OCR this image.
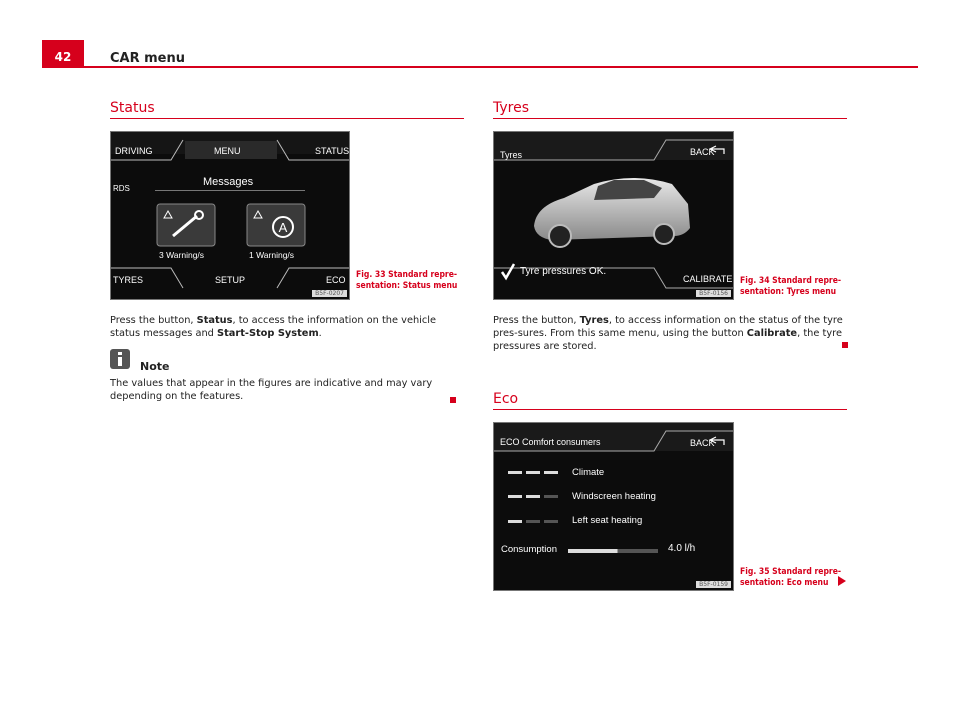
42	CAR menu
Status
A
DRIVING	MENU	STATUS
RDS
Messages
3 Warning/s	1 Warning/s
TYRES	SETUP	ECO
B5F-0207
Fig. 33 Standard repre-sentation: Status menu
Press the button, Status, to access the information on the vehicle status messages and Start-Stop System.
Note
The values that appear in the figures are indicative and may vary depending on the features.
Tyres
Tyres	BACK
Tyre pressures OK.
CALIBRATE
B5F-0156
Fig. 34 Standard repre-sentation: Tyres menu
Press the button, Tyres, to access information on the status of the tyre pres-sures. From this same menu, using the button Calibrate, the tyre pressures are stored.
Eco
ECO Comfort consumers	BACK
Climate
Windscreen heating
Left seat heating
Consumption	4.0 l/h
B5F-0159
Fig. 35 Standard repre-sentation: Eco menu
